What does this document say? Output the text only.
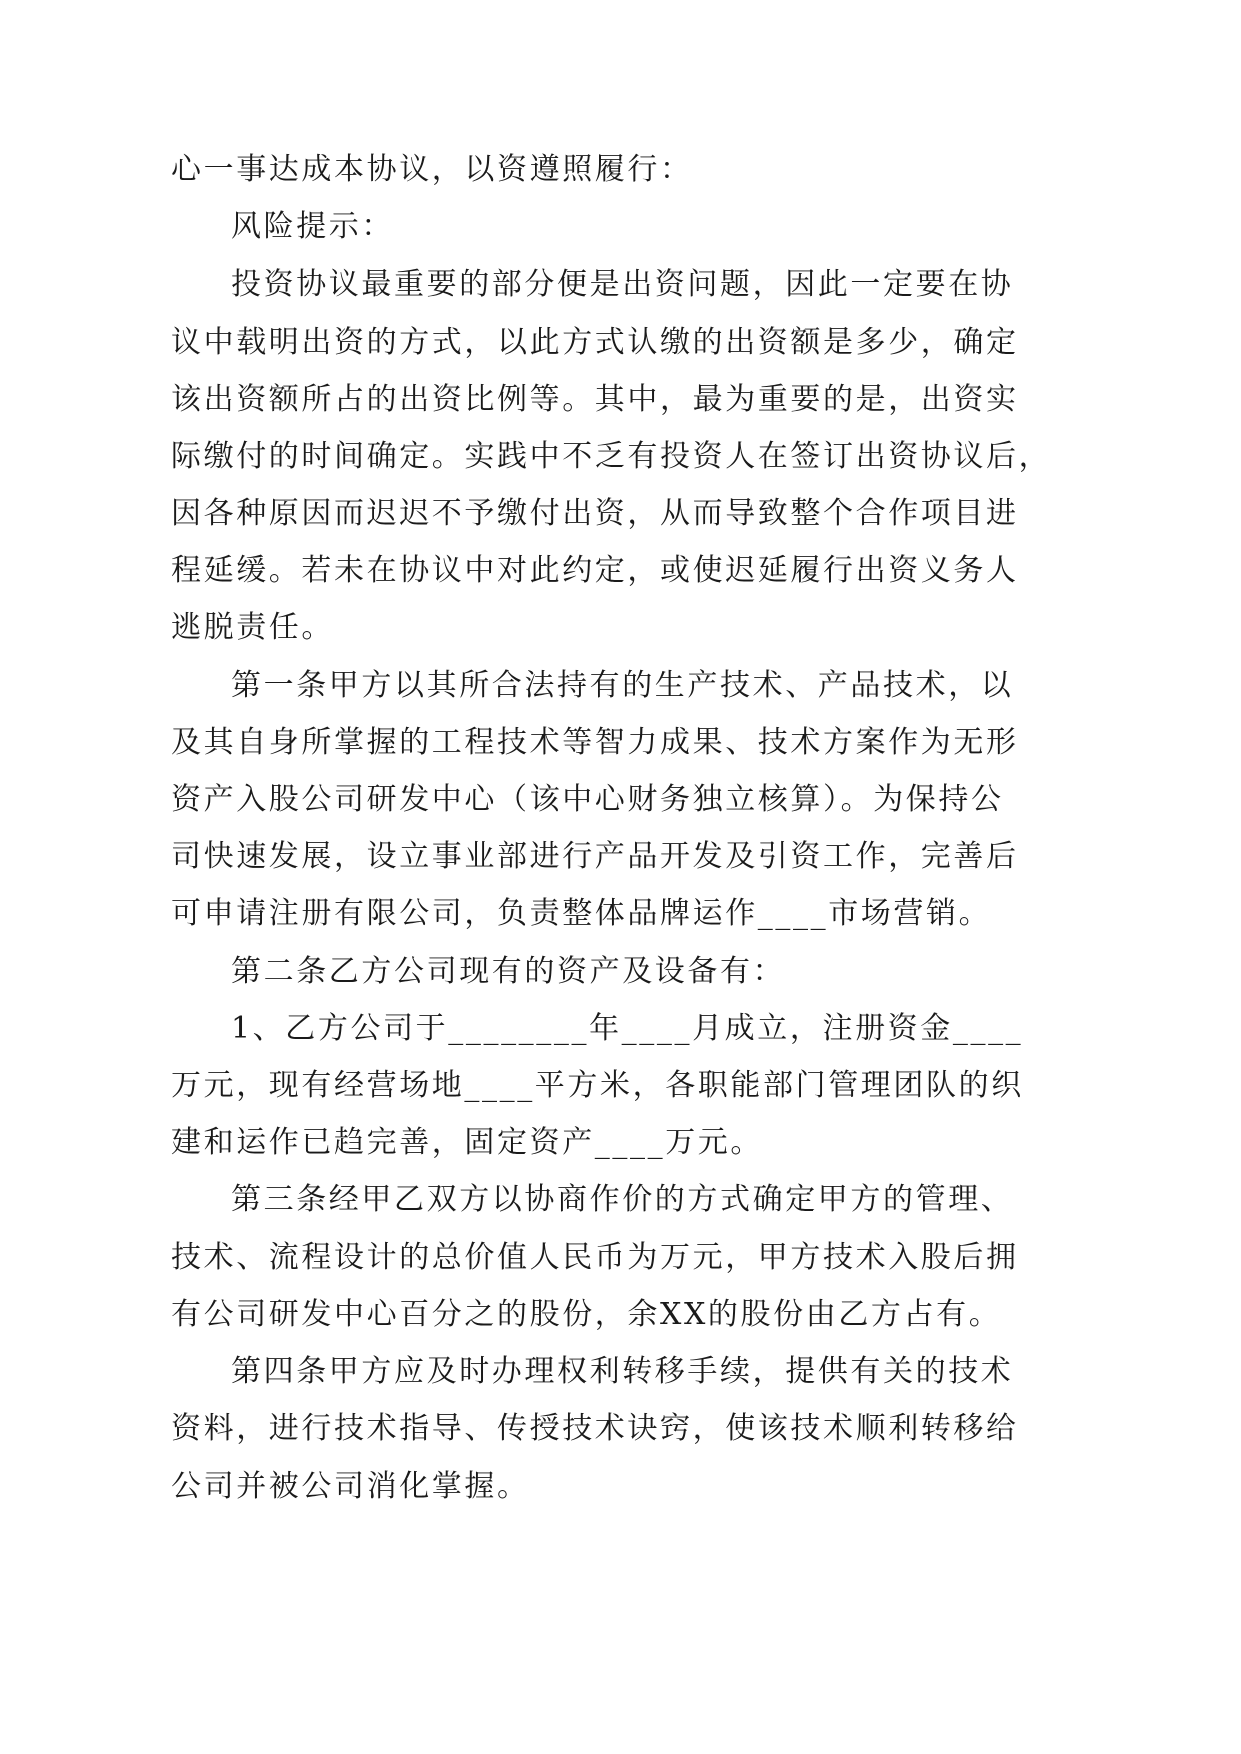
心一事达成本协议，以资遵照履行：
风险提示：
投资协议最重要的部分便是出资问题，因此一定要在协
议中载明出资的方式，以此方式认缴的出资额是多少，确定
该出资额所占的出资比例等。其中，最为重要的是，出资实
际缴付的时间确定。实践中不乏有投资人在签订出资协议后，
因各种原因而迟迟不予缴付出资，从而导致整个合作项目进
程延缓。若未在协议中对此约定，或使迟延履行出资义务人
逃脱责任。
第一条甲方以其所合法持有的生产技术、产品技术，以
及其自身所掌握的工程技术等智力成果、技术方案作为无形
资产入股公司研发中心（该中心财务独立核算）。为保持公
司快速发展，设立事业部进行产品开发及引资工作，完善后
可申请注册有限公司，负责整体品牌运作____市场营销。
第二条乙方公司现有的资产及设备有：
1、乙方公司于________年____月成立，注册资金____
万元，现有经营场地____平方米，各职能部门管理团队的织
建和运作已趋完善，固定资产____万元。
第三条经甲乙双方以协商作价的方式确定甲方的管理、
技术、流程设计的总价值人民币为万元，甲方技术入股后拥
有公司研发中心百分之的股份，余XX的股份由乙方占有。
第四条甲方应及时办理权利转移手续，提供有关的技术
资料，进行技术指导、传授技术诀窍，使该技术顺利转移给
公司并被公司消化掌握。
